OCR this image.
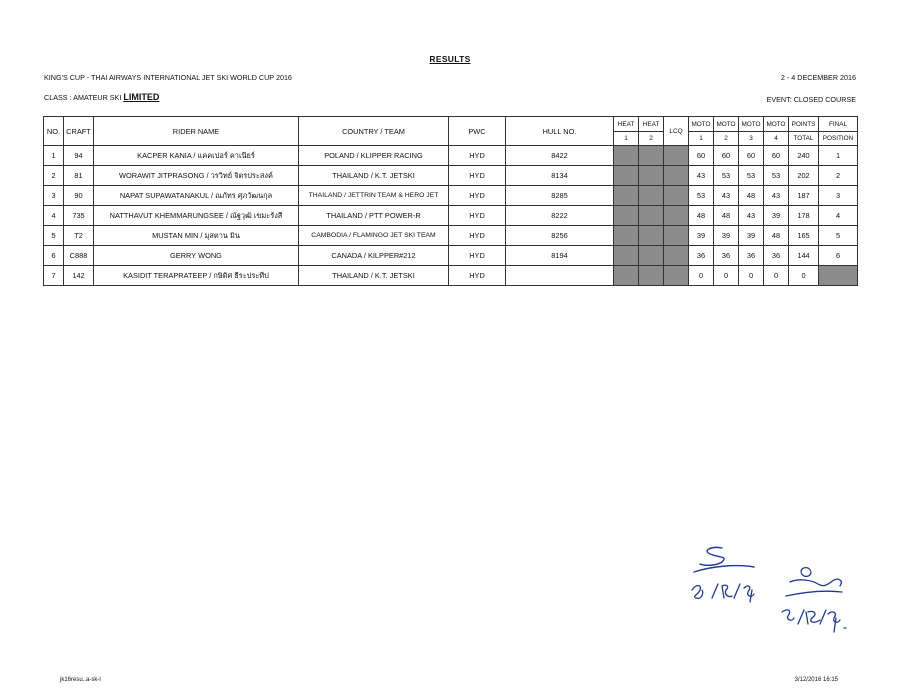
RESULTS
KING'S CUP - THAI AIRWAYS INTERNATIONAL JET SKI WORLD CUP 2016	2 - 4 DECEMBER 2016
CLASS : AMATEUR SKI LIMITED	EVENT: CLOSED COURSE
NO.	CRAFT	RIDER NAME	COUNTRY / TEAM	PWC	HULL NO.	HEAT	HEAT	LCQ	MOTO	MOTO	MOTO	MOTO	POINTS	FINAL
						1	2		1	2	3	4	TOTAL	POSITION
1	94	KACPER KANIA / แคคเปอร์ คาเนียร์	POLAND / KLIPPER RACING	HYD	8422				60	60	60	60	240	1
2	81	WORAWIT JITPRASONG / วรวิทย์ จิตรประสงค์	THAILAND / K.T. JETSKI	HYD	8134				43	53	53	53	202	2
3	90	NAPAT SUPAWATANAKUL / ณภัทร ศุภวัฒนกุล	THAILAND / JETTRIN TEAM & HERO JET	HYD	8285				53	43	48	43	187	3
4	735	NATTHAVUT KHEMMARUNGSEE / ณัฐวุฒิ เขมะรังสี	THAILAND / PTT POWER-R	HYD	8222				48	48	43	39	178	4
5	T2	MUSTAN MIN / มุสตาน มิน	CAMBODIA / FLAMINGO JET SKI TEAM	HYD	8256				39	39	39	48	165	5
6	C888	GERRY WONG	CANADA / KILPPER#212	HYD	8194				36	36	36	36	144	6
7	142	KASIDIT TERAPRATEEP / กษิดิศ ธีระประทีป	THAILAND / K.T. JETSKI	HYD					0	0	0	0	0	
jk16resu..a-sk-l	3/12/2016 16:15
